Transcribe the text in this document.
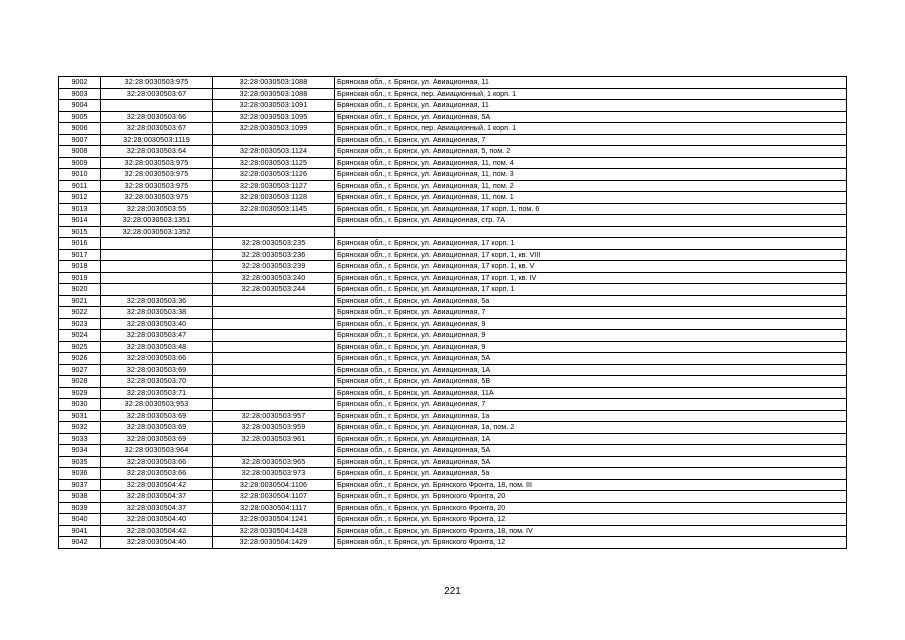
9002	32:28:0030503:975	32:28:0030503:1088	Брянская обл., г. Брянск, ул. Авиационная, 11
9003	32:28:0030503:67	32:28:0030503:1088	Брянская обл., г. Брянск, пер. Авиационный, 1 корп. 1
9004		32:28:0030503:1091	Брянская обл., г. Брянск, ул. Авиационная, 11
9005	32:28:0030503:66	32:28:0030503:1095	Брянская обл., г. Брянск, ул. Авиационная, 5А
9006	32:28:0030503:67	32:28:0030503:1099	Брянская обл., г. Брянск, пер. Авиационный, 1 корп. 1
9007	32:28:0030503:1119		Брянская обл., г. Брянск, ул. Авиационная, 7
9008	32:28:0030503:64	32:28:0030503:1124	Брянская обл., г. Брянск, ул. Авиационная, 5, пом. 2
9009	32:28:0030503:975	32:28:0030503:1125	Брянская обл., г. Брянск, ул. Авиационная, 11, пом. 4
9010	32:28:0030503:975	32:28:0030503:1126	Брянская обл., г. Брянск, ул. Авиационная, 11, пом. 3
9011	32:28:0030503:975	32:28:0030503:1127	Брянская обл., г. Брянск, ул. Авиационная, 11, пом. 2
9012	32:28:0030503:975	32:28:0030503:1128	Брянская обл., г. Брянск, ул. Авиационная, 11, пом. 1
9013	32:28:0030503:55	32:28:0030503:1145	Брянская обл., г. Брянск, ул. Авиационная, 17 корп. 1, пом. 6
9014	32:28:0030503:1351		Брянская обл., г. Брянск, ул. Авиационная, стр. 7А
9015	32:28:0030503:1352		
9016		32:28:0030503:235	Брянская обл., г. Брянск, ул. Авиационная, 17 корп. 1
9017		32:28:0030503:236	Брянская обл., г. Брянск, ул. Авиационная, 17 корп. 1, кв. VIII
9018		32:28:0030503:239	Брянская обл., г. Брянск, ул. Авиационная, 17 корп. 1, кв. V
9019		32:28:0030503:240	Брянская обл., г. Брянск, ул. Авиационная, 17 корп. 1, кв. IV
9020		32:28:0030503:244	Брянская обл., г. Брянск, ул. Авиационная, 17 корп. 1
9021	32:28:0030503:36		Брянская обл., г. Брянск, ул. Авиационная, 5а
9022	32:28:0030503:38		Брянская обл., г. Брянск, ул. Авиационная, 7
9023	32:28:0030503:40		Брянская обл., г. Брянск, ул. Авиационная, 9
9024	32:28:0030503:47		Брянская обл., г. Брянск, ул. Авиационная, 9
9025	32:28:0030503:48		Брянская обл., г. Брянск, ул. Авиационная, 9
9026	32:28:0030503:66		Брянская обл., г. Брянск, ул. Авиационная, 5А
9027	32:28:0030503:69		Брянская обл., г. Брянск, ул. Авиационная, 1А
9028	32:28:0030503:70		Брянская обл., г. Брянск, ул. Авиационная, 5В
9029	32:28:0030503:71		Брянская обл., г. Брянск, ул. Авиационная, 11А
9030	32:28:0030503:953		Брянская обл., г. Брянск, ул. Авиационная, 7
9031	32:28:0030503:69	32:28:0030503:957	Брянская обл., г. Брянск, ул. Авиационная, 1а
9032	32:28:0030503:69	32:28:0030503:959	Брянская обл., г. Брянск, ул. Авиационная, 1а, пом. 2
9033	32:28:0030503:69	32:28:0030503:961	Брянская обл., г. Брянск, ул. Авиационная, 1А
9034	32:28:0030503:964		Брянская обл., г. Брянск, ул. Авиационная, 5А
9035	32:28:0030503:66	32:28:0030503:965	Брянская обл., г. Брянск, ул. Авиационная, 5А
9036	32:28:0030503:66	32:28:0030503:973	Брянская обл., г. Брянск, ул. Авиационная, 5а
9037	32:28:0030504:42	32:28:0030504:1106	Брянская обл., г. Брянск, ул. Брянского Фронта, 18, пом. III
9038	32:28:0030504:37	32:28:0030504:1107	Брянская обл., г. Брянск, ул. Брянского Фронта, 20
9039	32:28:0030504:37	32:28:0030504:1117	Брянская обл., г. Брянск, ул. Брянского Фронта, 20
9040	32:28:0030504:40	32:28:0030504:1241	Брянская обл., г. Брянск, ул. Брянского Фронта, 12
9041	32:28:0030504:42	32:28:0030504:1428	Брянская обл., г. Брянск, ул. Брянского Фронта, 18, пом. IV
9042	32:28:0030504:40	32:28:0030504:1429	Брянская обл., г. Брянск, ул. Брянского Фронта, 12
221
